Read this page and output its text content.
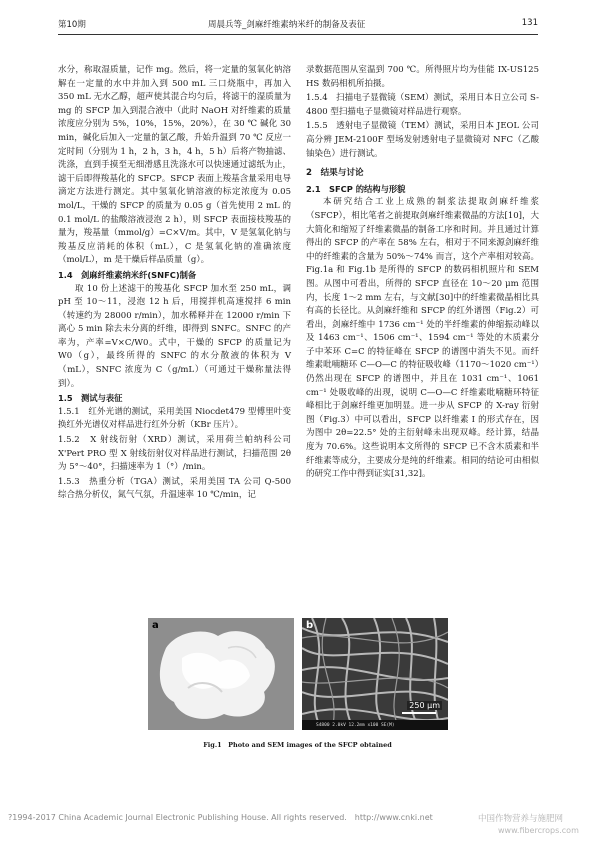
第10期	周晨兵等_剑麻纤维素纳米纤的制备及表征	131

水分，称取湿质量，记作 mg。然后，将一定量的氢氧化钠溶解在一定量的水中并加入到 500 mL 三口烧瓶中，再加入 350 mL 无水乙醇，超声使其混合均匀后，将滤干的湿质量为 mg 的 SFCP 加入到混合液中（此时 NaOH 对纤维素的质量浓度应分别为 5%，10%，15%，20%），在 30 ℃ 碱化 30 min，碱化后加入一定量的氯乙酸，升始升温到 70 ℃ 反应一定时间（分别为 1 h，2 h，3 h，4 h，5 h）后将产物抽滤、洗涤，直到手摸至无细滑感且洗涤水可以快速通过滤纸为止，滤干后即得羧基化的 SFCP。SFCP 表面上羧基含量采用电导滴定方法进行测定。其中氢氧化钠溶液的标定浓度为 0.05 mol/L，干燥的 SFCP 的质量为 0.05 g（首先使用 2 mL 的 0.1 mol/L 的盐酸溶液浸泡 2 h），则 SFCP 表面接枝羧基的量为，羧基量（mmol/g）=C×V/m。其中，V 是氢氧化钠与羧基反应消耗的体积（mL），C 是氢氧化钠的准确浓度（mol/L），m 是干燥后样品质量（g）。

1.4　剑麻纤维素纳米纤(SNFC)制备

取 10 份上述滤干的羧基化 SFCP 加水至 250 mL，调 pH 至 10～11，浸泡 12 h 后，用搅拌机高速搅拌 6 min（转速约为 28000 r/min），加水稀释并在 12000 r/min 下离心 5 min 除去未分离的纤维，即得到 SNFC。SNFC 的产率为，产率=V×C/W0。式中，干燥的 SFCP 的质量记为 W0（g），最终所得的 SNFC 的水分散液的体积为 V（mL），SNFC 浓度为 C（g/mL）（可通过干燥称量法得到）。

1.5　测试与表征

1.5.1　红外光谱的测试，采用美国 Niocdet479 型傅里叶变换红外光谱仪对样品进行红外分析（KBr 压片）。

1.5.2　X 射线衍射（XRD）测试，采用荷兰帕纳科公司 X'Pert PRO 型 X 射线衍射仪对样品进行测试，扫描范围 2θ 为 5°～40°，扫描速率为 1（°）/min。

1.5.3　热重分析（TGA）测试，采用美国 TA 公司 Q-500 综合热分析仪，氮气气氛，升温速率 10 ℃/min，记

录数据范围从室温到 700 ℃。所得照片均为佳能 IX-US125 HS 数码相机所拍摄。

1.5.4　扫描电子显微镜（SEM）测试，采用日本日立公司 S-4800 型扫描电子显微镜对样品进行观察。

1.5.5　透射电子显微镜（TEM）测试，采用日本 JEOL 公司高分辨 JEM-2100F 型场发射透射电子显微镜对 NFC（乙酸铀染色）进行测试。

2　结果与讨论
2.1　SFCP 的结构与形貌

本研究结合工业上成熟的制浆法提取剑麻纤维浆（SFCP），相比笔者之前提取剑麻纤维素微晶的方法[10]，大大简化和缩短了纤维素微晶的制备工序和时间。并且通过计算得出的 SFCP 的产率在 58% 左右，相对于不同来源剑麻纤维中的纤维素的含量为 50%～74% 而言，这个产率相对较高。Fig.1a 和 Fig.1b 是所得的 SFCP 的数码相机照片和 SEM 图。从图中可看出，所得的 SFCP 直径在 10～20 μm 范围内，长度 1～2 mm 左右，与文献[30]中的纤维素微晶相比具有高的长径比。从剑麻纤维和 SFCP 的红外谱图（Fig.2）可看出，剑麻纤维中 1736 cm⁻¹ 处的半纤维素的伸缩振动峰以及 1463 cm⁻¹、1506 cm⁻¹、1594 cm⁻¹ 等处的木质素分子中苯环 C=C 的特征峰在 SFCP 的谱图中消失不见。而纤维素吡喃糖环 C—O—C 的特征吸收峰（1170～1020 cm⁻¹）仍然出现在 SFCP 的谱图中，并且在 1031 cm⁻¹、1061 cm⁻¹ 处吸收峰的出现，说明 C—O—C 纤维素吡喃糖环特征峰相比于剑麻纤维更加明显。进一步从 SFCP 的 X-ray 衍射图（Fig.3）中可以看出，SFCP 以纤维素 Ⅰ 的形式存在，因为图中 2θ=22.5° 处的主衍射峰未出现双峰。经计算，结晶度为 70.6%。这些说明本文所得的 SFCP 已不含木质素和半纤维素等成分，主要成分是纯的纤维素。相同的结论可由相似的研究工作中得到证实[31,32]。

a	b
250 μm
S4800 2.0kV 12.2mm x100 SE(M)
Fig.1　Photo and SEM images of the SFCP obtained
?1994-2017 China Academic Journal Electronic Publishing House. All rights reserved.　http://www.cnki.net	中国作物营养与施肥网
www.fibercrops.com
